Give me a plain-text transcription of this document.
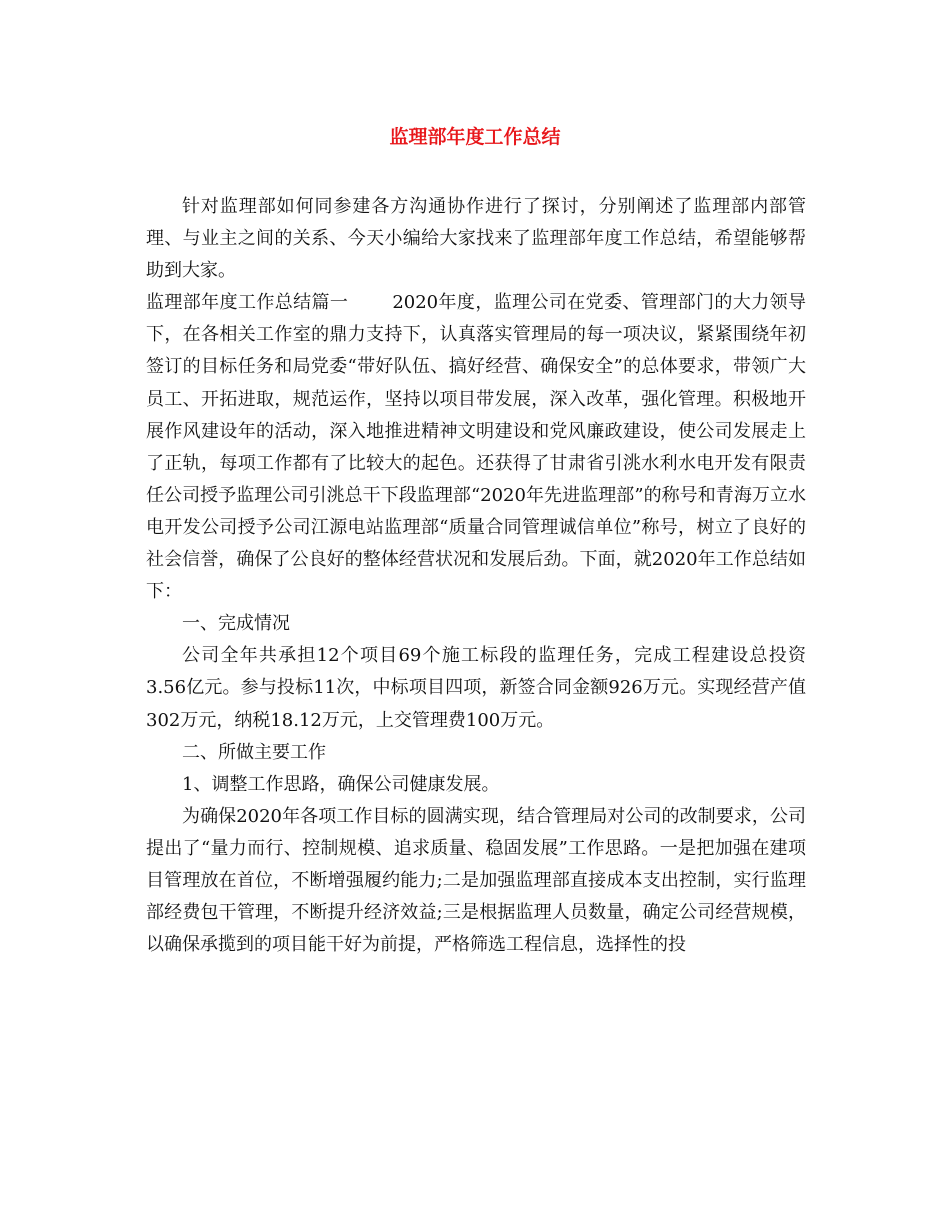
监理部年度工作总结

针对监理部如何同参建各方沟通协作进行了探讨，分别阐述了监理部内部管理、与业主之间的关系、今天小编给大家找来了监理部年度工作总结，希望能够帮助到大家。

监理部年度工作总结篇一 2020年度，监理公司在党委、管理部门的大力领导下，在各相关工作室的鼎力支持下，认真落实管理局的每一项决议，紧紧围绕年初签订的目标任务和局党委“带好队伍、搞好经营、确保安全”的总体要求，带领广大员工、开拓进取，规范运作，坚持以项目带发展，深入改革，强化管理。积极地开展作风建设年的活动，深入地推进精神文明建设和党风廉政建设，使公司发展走上了正轨，每项工作都有了比较大的起色。还获得了甘肃省引洮水利水电开发有限责任公司授予监理公司引洮总干下段监理部“2020年先进监理部”的称号和青海万立水电开发公司授予公司江源电站监理部“质量合同管理诚信单位”称号，树立了良好的社会信誉，确保了公良好的整体经营状况和发展后劲。下面，就2020年工作总结如下：

一、完成情况

公司全年共承担12个项目69个施工标段的监理任务，完成工程建设总投资3.56亿元。参与投标11次，中标项目四项，新签合同金额926万元。实现经营产值302万元，纳税18.12万元，上交管理费100万元。

二、所做主要工作

1、调整工作思路，确保公司健康发展。

为确保2020年各项工作目标的圆满实现，结合管理局对公司的改制要求，公司提出了“量力而行、控制规模、追求质量、稳固发展”工作思路。一是把加强在建项目管理放在首位，不断增强履约能力;二是加强监理部直接成本支出控制，实行监理部经费包干管理，不断提升经济效益;三是根据监理人员数量，确定公司经营规模，以确保承揽到的项目能干好为前提，严格筛选工程信息，选择性的投
